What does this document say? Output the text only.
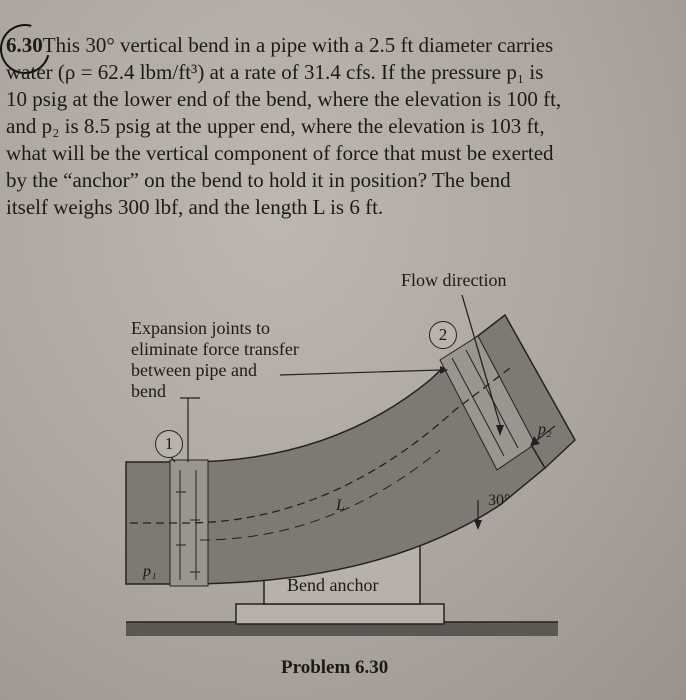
6.30This 30° vertical bend in a pipe with a 2.5 ft diameter carries
water (ρ = 62.4 lbm/ft³) at a rate of 31.4 cfs. If the pressure p₁ is
10 psig at the lower end of the bend, where the elevation is 100 ft,
and p₂ is 8.5 psig at the upper end, where the elevation is 103 ft,
what will be the vertical component of force that must be exerted
by the “anchor” on the bend to hold it in position? The bend
itself weighs 300 lbf, and the length L is 6 ft.
Flow direction
Expansion joints to
eliminate force transfer
between pipe and
bend
1
2
p₁
p₂
L	30°
Bend anchor
Problem 6.30
